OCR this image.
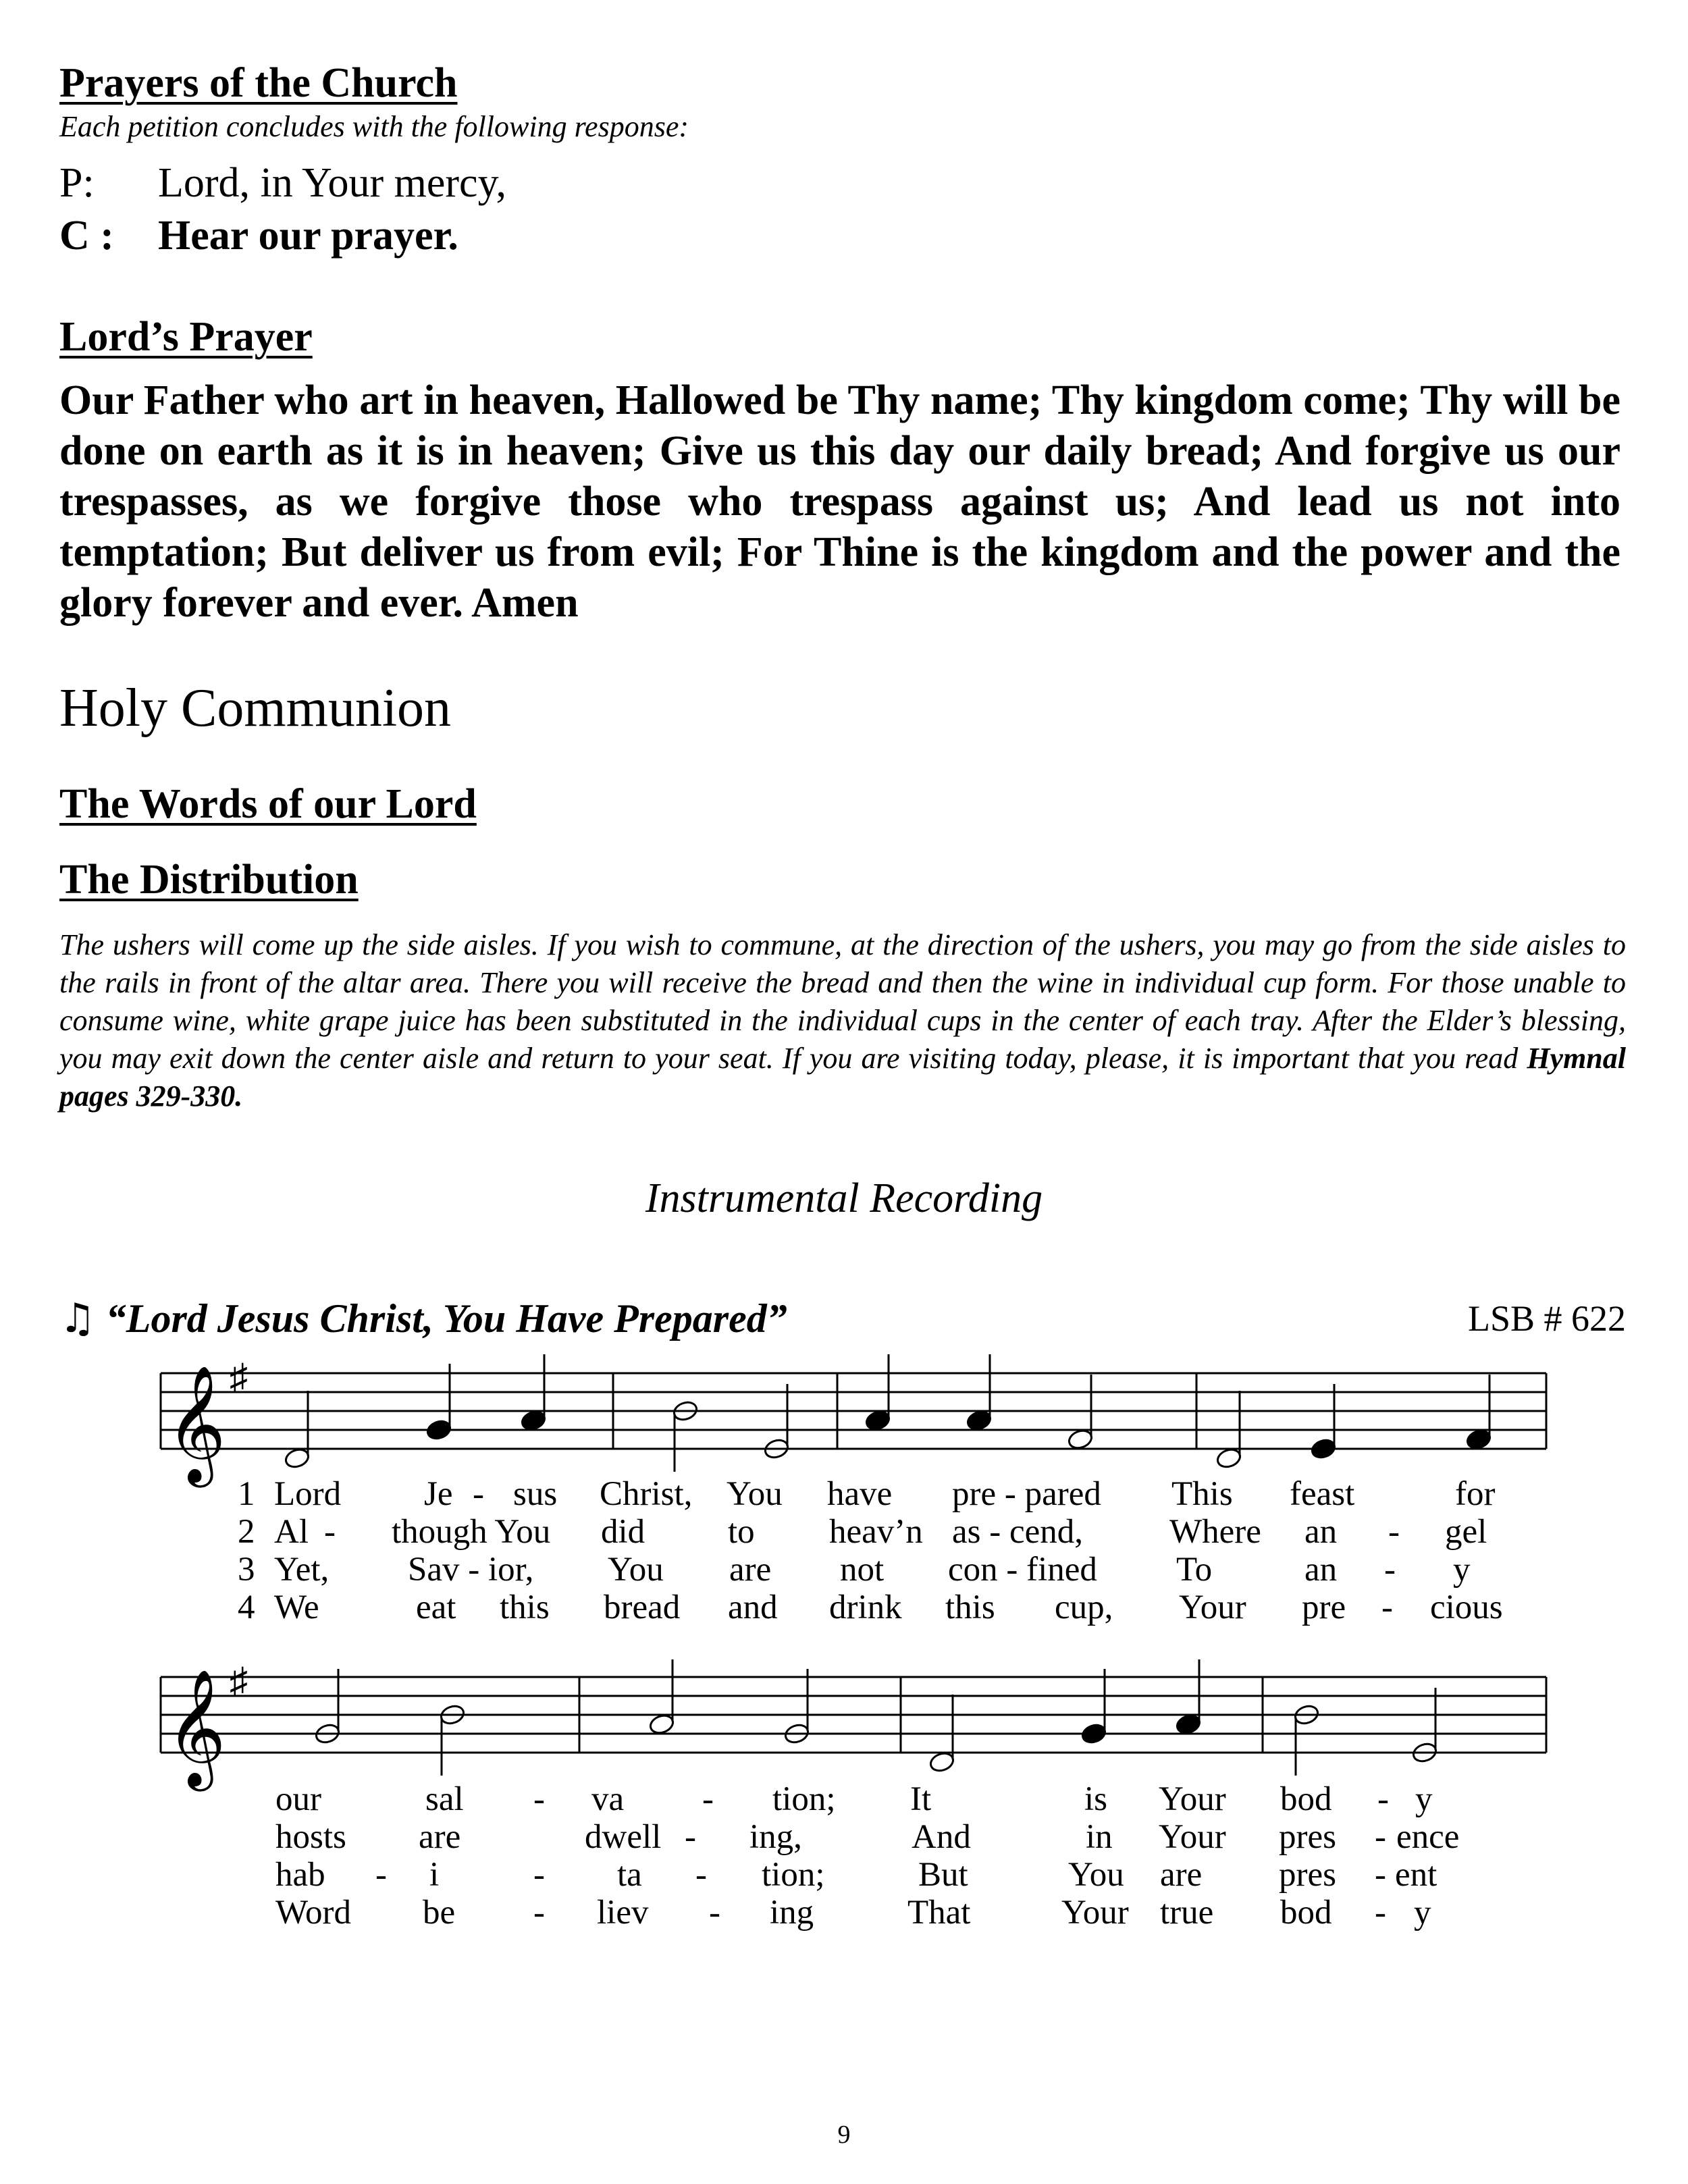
Prayers of the Church
Each petition concludes with the following response:
P: Lord, in Your mercy,
C : Hear our prayer.
Lord’s Prayer
Our Father who art in heaven, Hallowed be Thy name; Thy kingdom come; Thy will be done on earth as it is in heaven; Give us this day our daily bread; And forgive us our trespasses, as we forgive those who trespass against us; And lead us not into temptation; But deliver us from evil; For Thine is the kingdom and the power and the glory forever and ever. Amen
Holy Communion
The Words of our Lord
The Distribution
The ushers will come up the side aisles. If you wish to commune, at the direction of the ushers, you may go from the side aisles to the rails in front of the altar area. There you will receive the bread and then the wine in individual cup form. For those unable to consume wine, white grape juice has been substituted in the individual cups in the center of each tray. After the Elder’s blessing, you may exit down the center aisle and return to your seat. If you are visiting today, please, it is important that you read Hymnal pages 329-330.
Instrumental Recording
♫ “Lord Jesus Christ, You Have Prepared”	LSB # 622
𝄞 ♯
𝄞 ♯
1 Lord Je - sus Christ, You have pre - pared This feast	for
2 Al - though You did to heav’n as - cend,	Where an - gel
3 Yet, Sav - ior, You are not con - fined To	an - y
4 We	eat this bread and drink this cup, Your pre - cious
our	sal - va - tion; It	is Your bod - y
hosts are	dwell - ing,	And	in Your pres - ence
hab - i	- ta - tion;	But	You are pres - ent
Word be - liev - ing	That	Your true bod - y
9
